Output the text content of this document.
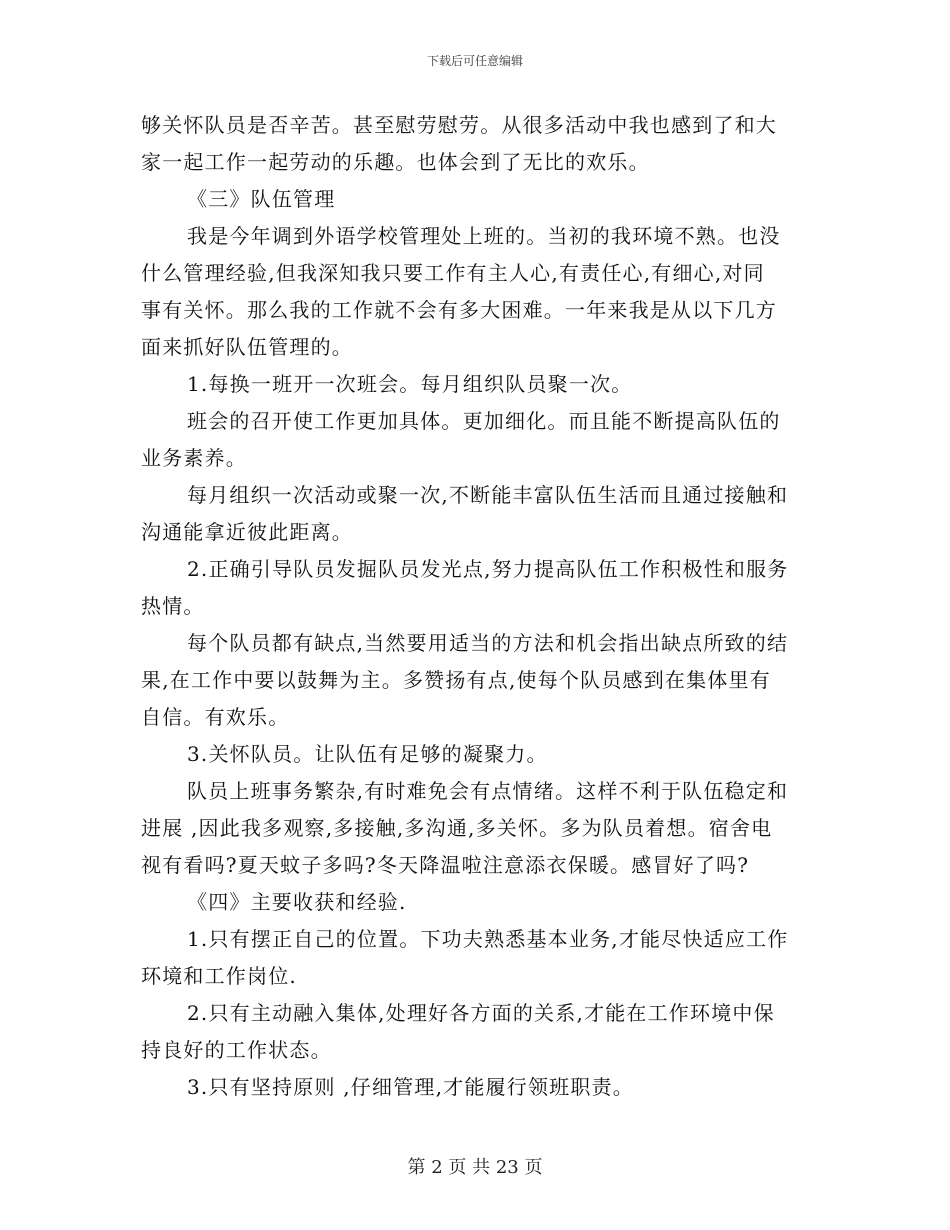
下载后可任意编辑
够关怀队员是否辛苦。甚至慰劳慰劳。从很多活动中我也感到了和大
家一起工作一起劳动的乐趣。也体会到了无比的欢乐。
《三》队伍管理
我是今年调到外语学校管理处上班的。当初的我环境不熟。也没
什么管理经验,但我深知我只要工作有主人心,有责任心,有细心,对同
事有关怀。那么我的工作就不会有多大困难。一年来我是从以下几方
面来抓好队伍管理的。
1.每换一班开一次班会。每月组织队员聚一次。
班会的召开使工作更加具体。更加细化。而且能不断提高队伍的
业务素养。
每月组织一次活动或聚一次,不断能丰富队伍生活而且通过接触和
沟通能拿近彼此距离。
2.正确引导队员发掘队员发光点,努力提高队伍工作积极性和服务
热情。
每个队员都有缺点,当然要用适当的方法和机会指出缺点所致的结
果,在工作中要以鼓舞为主。多赞扬有点,使每个队员感到在集体里有
自信。有欢乐。
3.关怀队员。让队伍有足够的凝聚力。
队员上班事务繁杂,有时难免会有点情绪。这样不利于队伍稳定和
进展 ,因此我多观察,多接触,多沟通,多关怀。多为队员着想。宿舍电
视有看吗?夏天蚊子多吗?冬天降温啦注意添衣保暖。感冒好了吗?
《四》主要收获和经验.
1.只有摆正自己的位置。下功夫熟悉基本业务,才能尽快适应工作
环境和工作岗位.
2.只有主动融入集体,处理好各方面的关系,才能在工作环境中保
持良好的工作状态。
3.只有坚持原则 ,仔细管理,才能履行领班职责。
第 2 页 共 23 页
